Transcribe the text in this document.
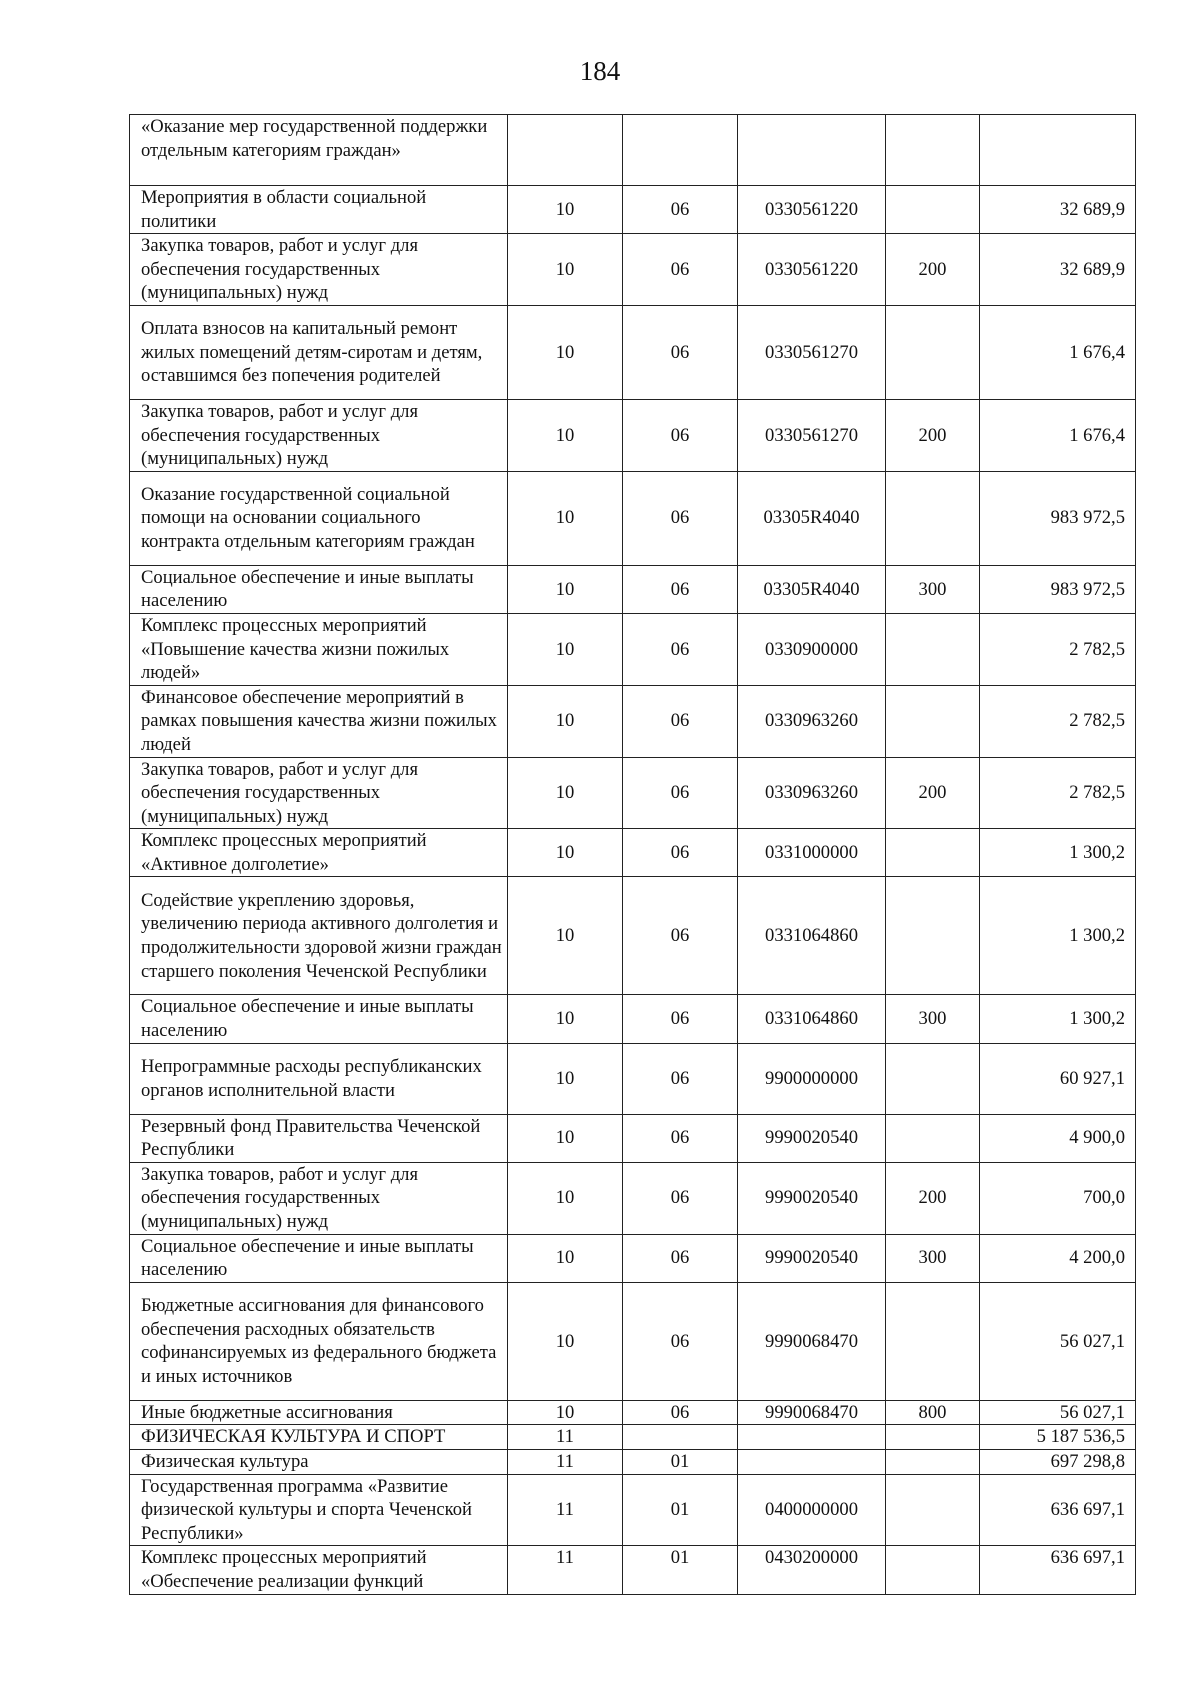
184
«Оказание мер государственной поддержки отдельным категориям граждан»					
Мероприятия в области социальной политики	10	06	0330561220		32 689,9
Закупка товаров, работ и услуг для обеспечения государственных (муниципальных) нужд	10	06	0330561220	200	32 689,9
Оплата взносов на капитальный ремонт жилых помещений детям-сиротам и детям, оставшимся без попечения родителей	10	06	0330561270		1 676,4
Закупка товаров, работ и услуг для обеспечения государственных (муниципальных) нужд	10	06	0330561270	200	1 676,4
Оказание государственной социальной помощи на основании социального контракта отдельным категориям граждан	10	06	03305R4040		983 972,5
Социальное обеспечение и иные выплаты населению	10	06	03305R4040	300	983 972,5
Комплекс процессных мероприятий «Повышение качества жизни пожилых людей»	10	06	0330900000		2 782,5
Финансовое обеспечение мероприятий в рамках повышения качества жизни пожилых людей	10	06	0330963260		2 782,5
Закупка товаров, работ и услуг для обеспечения государственных (муниципальных) нужд	10	06	0330963260	200	2 782,5
Комплекс процессных мероприятий «Активное долголетие»	10	06	0331000000		1 300,2
Содействие укреплению здоровья, увеличению периода активного долголетия и продолжительности здоровой жизни граждан старшего поколения Чеченской Республики	10	06	0331064860		1 300,2
Социальное обеспечение и иные выплаты населению	10	06	0331064860	300	1 300,2
Непрограммные расходы республиканских органов исполнительной власти	10	06	9900000000		60 927,1
Резервный фонд Правительства Чеченской Республики	10	06	9990020540		4 900,0
Закупка товаров, работ и услуг для обеспечения государственных (муниципальных) нужд	10	06	9990020540	200	700,0
Социальное обеспечение и иные выплаты населению	10	06	9990020540	300	4 200,0
Бюджетные ассигнования для финансового обеспечения расходных обязательств софинансируемых из федерального бюджета и иных источников	10	06	9990068470		56 027,1
Иные бюджетные ассигнования	10	06	9990068470	800	56 027,1
ФИЗИЧЕСКАЯ КУЛЬТУРА И СПОРТ	11				5 187 536,5
Физическая культура	11	01			697 298,8
Государственная программа «Развитие физической культуры и спорта Чеченской Республики»	11	01	0400000000		636 697,1
Комплекс процессных мероприятий «Обеспечение реализации функций	11	01	0430200000		636 697,1
